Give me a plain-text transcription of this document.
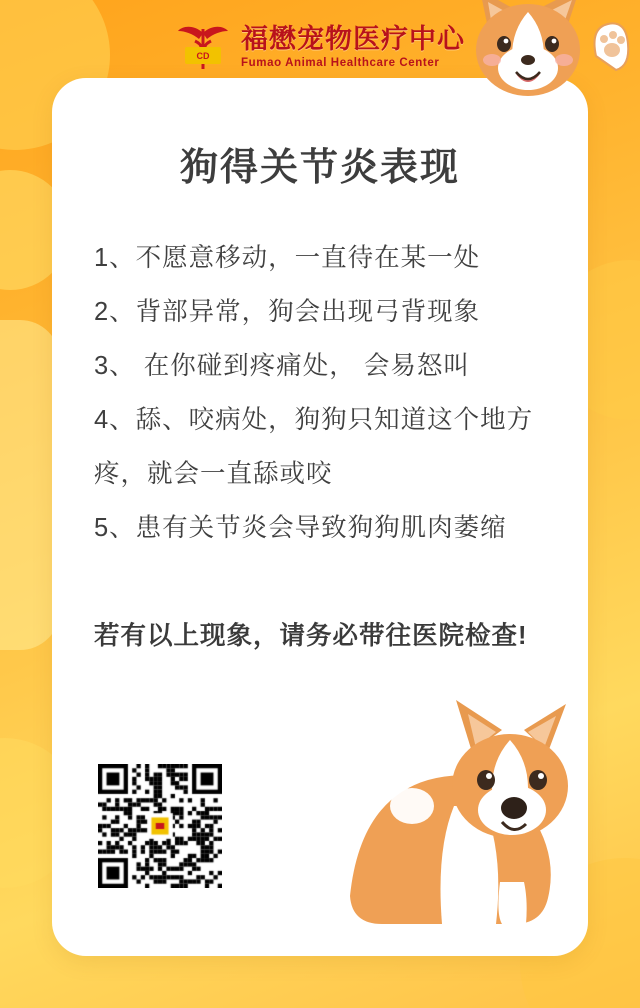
CD
福懋宠物医疗中心
Fumao Animal Healthcare Center
狗得关节炎表现
1、不愿意移动，一直待在某一处
2、背部异常，狗会出现弓背现象
3、 在你碰到疼痛处， 会易怒叫
4、舔、咬病处，狗狗只知道这个地方疼，就会一直舔或咬
5、患有关节炎会导致狗狗肌肉萎缩
若有以上现象，请务必带往医院检查!
